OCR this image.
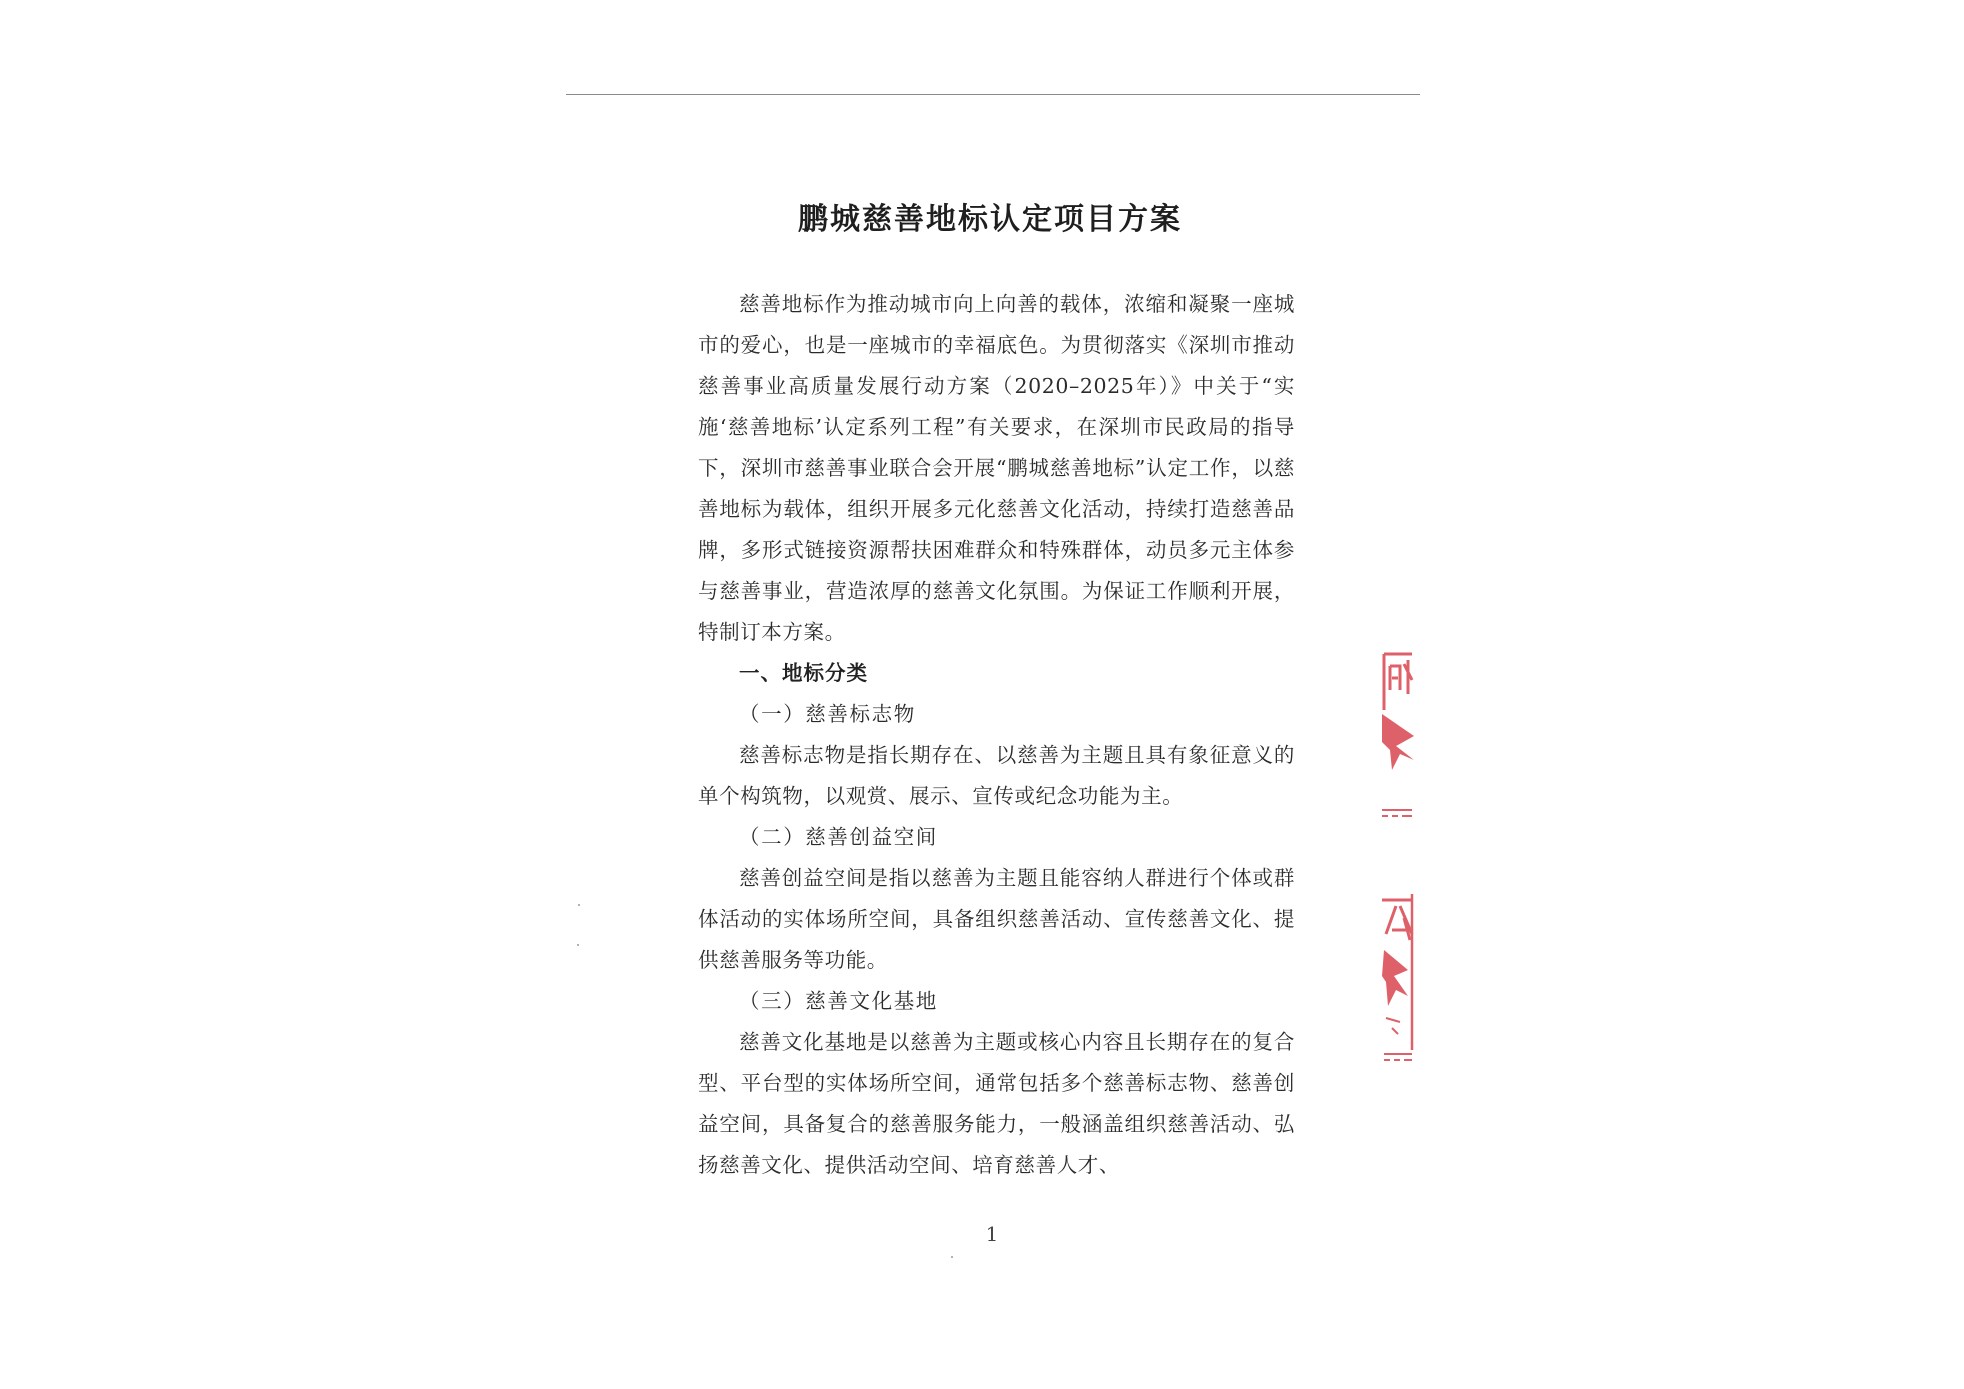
鹏城慈善地标认定项目方案

慈善地标作为推动城市向上向善的载体，浓缩和凝聚一座城市的爱心，也是一座城市的幸福底色。为贯彻落实《深圳市推动慈善事业高质量发展行动方案（2020–2025年）》中关于“实施‘慈善地标’认定系列工程”有关要求，在深圳市民政局的指导下，深圳市慈善事业联合会开展“鹏城慈善地标”认定工作，以慈善地标为载体，组织开展多元化慈善文化活动，持续打造慈善品牌，多形式链接资源帮扶困难群众和特殊群体，动员多元主体参与慈善事业，营造浓厚的慈善文化氛围。为保证工作顺利开展，特制订本方案。

一、地标分类

（一）慈善标志物

慈善标志物是指长期存在、以慈善为主题且具有象征意义的单个构筑物，以观赏、展示、宣传或纪念功能为主。

（二）慈善创益空间

慈善创益空间是指以慈善为主题且能容纳人群进行个体或群体活动的实体场所空间，具备组织慈善活动、宣传慈善文化、提供慈善服务等功能。

（三）慈善文化基地

慈善文化基地是以慈善为主题或核心内容且长期存在的复合型、平台型的实体场所空间，通常包括多个慈善标志物、慈善创益空间，具备复合的慈善服务能力，一般涵盖组织慈善活动、弘扬慈善文化、提供活动空间、培育慈善人才、

1
